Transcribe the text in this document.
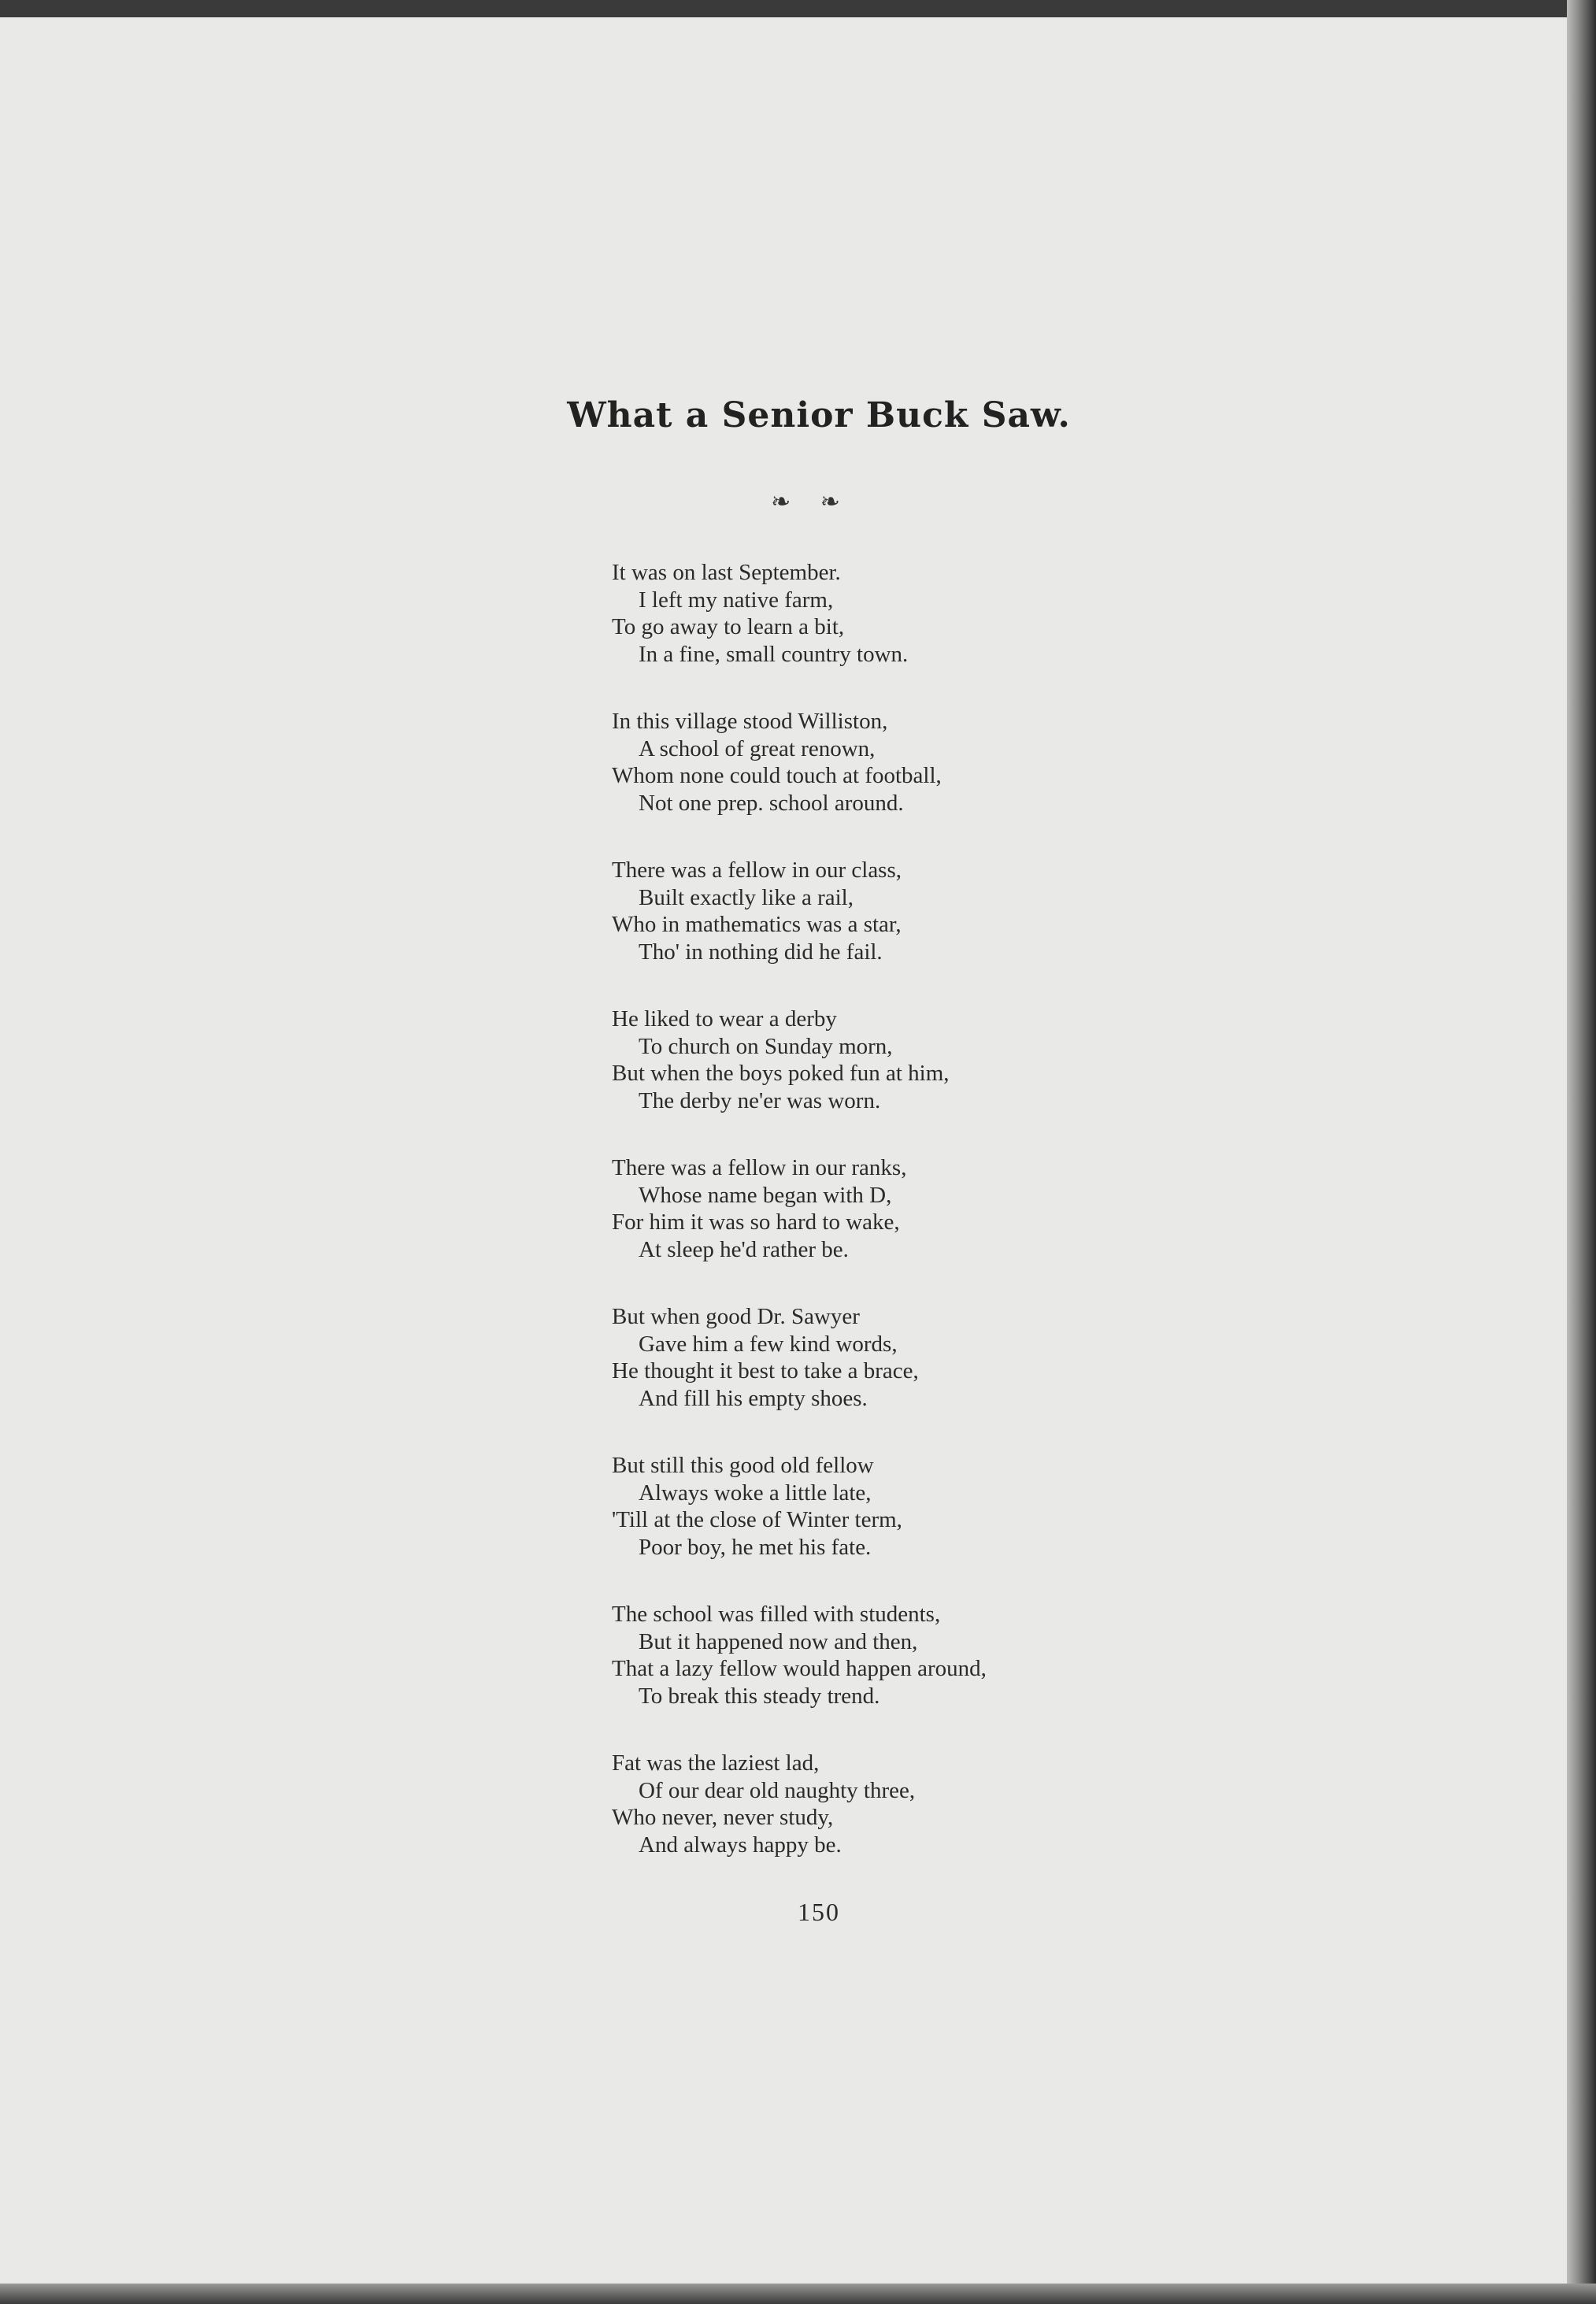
What a Senior Buck Saw.
❧ ❧
It was on last September.
I left my native farm,
To go away to learn a bit,
In a fine, small country town.
In this village stood Williston,
A school of great renown,
Whom none could touch at football,
Not one prep. school around.
There was a fellow in our class,
Built exactly like a rail,
Who in mathematics was a star,
Tho' in nothing did he fail.
He liked to wear a derby
To church on Sunday morn,
But when the boys poked fun at him,
The derby ne'er was worn.
There was a fellow in our ranks,
Whose name began with D,
For him it was so hard to wake,
At sleep he'd rather be.
But when good Dr. Sawyer
Gave him a few kind words,
He thought it best to take a brace,
And fill his empty shoes.
But still this good old fellow
Always woke a little late,
'Till at the close of Winter term,
Poor boy, he met his fate.
The school was filled with students,
But it happened now and then,
That a lazy fellow would happen around,
To break this steady trend.
Fat was the laziest lad,
Of our dear old naughty three,
Who never, never study,
And always happy be.
150
